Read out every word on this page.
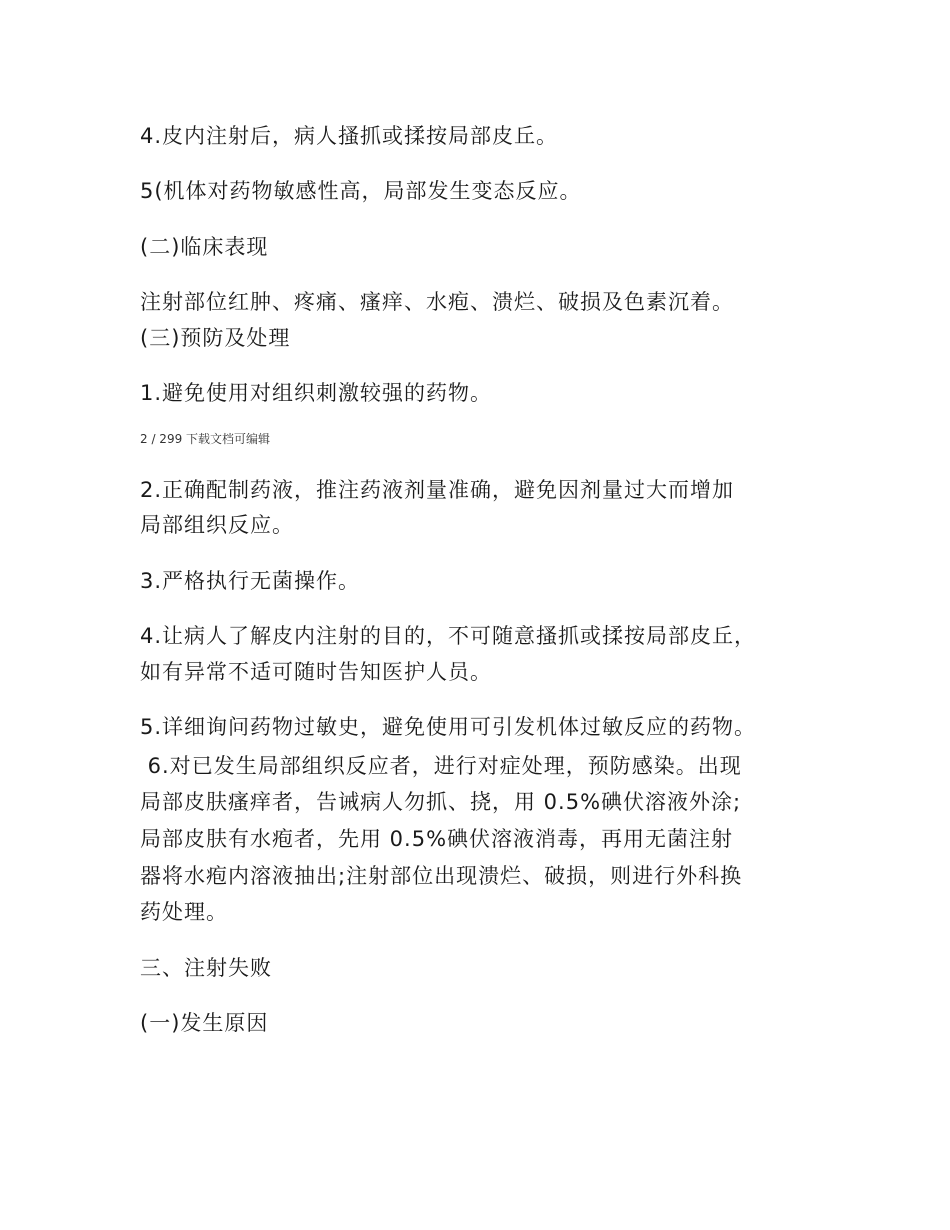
4.皮内注射后，病人搔抓或揉按局部皮丘。
5(机体对药物敏感性高，局部发生变态反应。
(二)临床表现
注射部位红肿、疼痛、瘙痒、水疱、溃烂、破损及色素沉着。
(三)预防及处理
1.避免使用对组织刺激较强的药物。
2 / 299 下载文档可编辑
2.正确配制药液，推注药液剂量准确，避免因剂量过大而增加
局部组织反应。
3.严格执行无菌操作。
4.让病人了解皮内注射的目的，不可随意搔抓或揉按局部皮丘，
如有异常不适可随时告知医护人员。
5.详细询问药物过敏史，避免使用可引发机体过敏反应的药物。
6.对已发生局部组织反应者，进行对症处理，预防感染。出现
局部皮肤瘙痒者，告诫病人勿抓、挠，用 0.5%碘伏溶液外涂;
局部皮肤有水疱者，先用 0.5%碘伏溶液消毒，再用无菌注射
器将水疱内溶液抽出;注射部位出现溃烂、破损，则进行外科换
药处理。
三、注射失败
(一)发生原因
